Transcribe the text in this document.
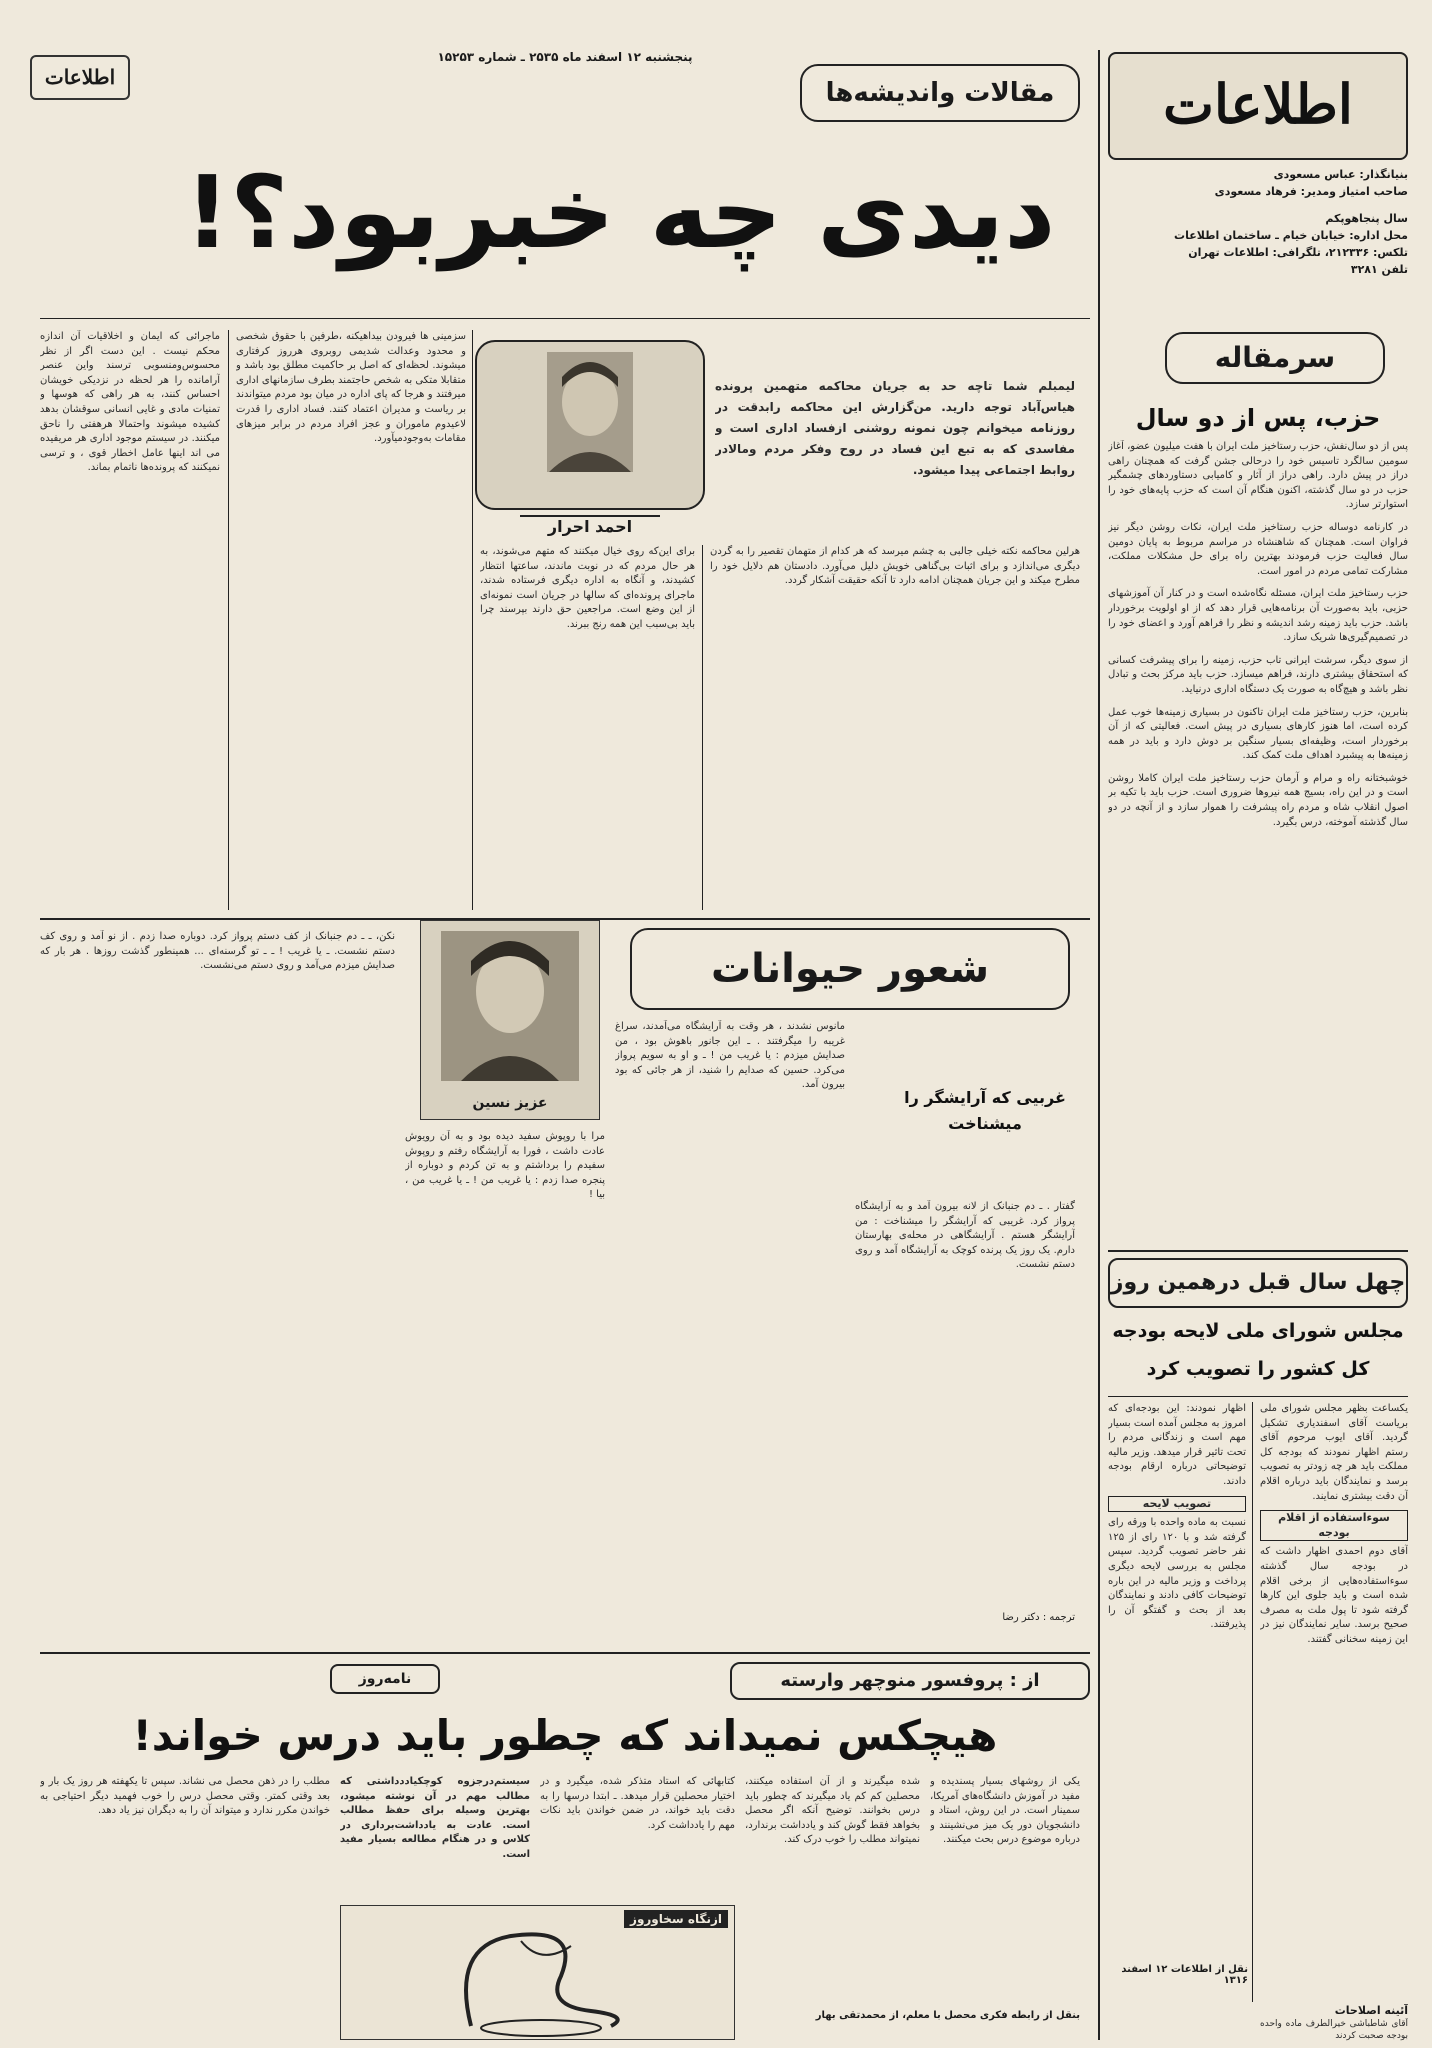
پنجشنبه ۱۲ اسفند ماه ۲۵۳۵ ـ شماره ۱۵۲۵۳
اطلاعات	اطلاعات
بنیانگذار: عباس مسعودی
صاحب امتیاز ومدیر: فرهاد مسعودی
سال پنجاهوپکم
محل اداره: خیابان خیام ـ ساختمان اطلاعات
تلکس: ۲۱۲۳۳۶، تلگرافی: اطلاعات تهران
تلفن ۳۲۸۱
مقالات واندیشه‌ها
دیدی چه خبربود؟!
لیمبلم شما تاچه حد به جریان محاکمه متهمین پرونده هیاس‌آباد توجه دارید. من‌گزارش این محاکمه رابدقت در روزنامه میخوانم چون نمونه روشنی ازفساد اداری است و مفاسدی که به تبع این فساد در روح وفکر مردم ومالادر روابط اجتماعی پیدا میشود.
احمد احرار
ماجرائی که ایمان و اخلاقیات آن اندازه محکم نیست . این دست اگر از نظر محسوس‌ومنسوبی ترسند واین عنصر آرامانده را هر لحظه در نزدیکی خویشان احساس کنند، به هر راهی که هوسها و تمنیات مادی و غایی انسانی سوقشان بدهد کشیده میشوند واحتمالا هرهفتی را ناحق میکنند. در سیستم موجود اداری هر مریفیده می‌ اند اینها عامل اخطار قوی ، و ترسی نمیکنند که پرونده‌ها ناتمام بماند.
سزمینی ها فیرودن بیداهیکنه ،طرفین با حقوق شخصی و محدود وعدالت شدیمی روبروی هرروز کرفتاری میشوند. لحظه‌ای که اصل بر حاکمیت مطلق ‌بود باشد و متقابلا متکی به شخص حاجتمند بطرف سازمانهای اداری میرفتند و هرجا که پای اداره در میان بود مردم میتواندند بر ریاست و مدیران اعتماد کنند. فساد اداری را قدرت لاعیدوم ماموران و عجز افراد مردم در برابر میزهای مقامات به‌وجودمیآورد.
برای این‌که روی خیال میکنند که متهم می‌شوند، به هر حال مردم که در نوبت ماندند، ساعتها انتظار کشیدند، و آنگاه به اداره دیگری فرستاده شدند، ماجرای پرونده‌ای که سالها در جریان است نمونه‌ای از این وضع است. مراجعین حق دارند بپرسند چرا باید بی‌سبب این همه رنج ببرند.
هرلین محاکمه نکته خیلی جالبی به چشم میرسد که هر کدام از متهمان تقصیر را به گردن دیگری می‌اندازد و برای اثبات بی‌گناهی خویش دلیل می‌آورد. دادستان هم دلایل خود را مطرح میکند و این جریان همچنان ادامه دارد تا آنکه حقیقت آشکار گردد.
شعور حیوانات
عزیز نسین	غربیی که آرایشگر را میشناخت
گفتار . ـ دم جنبانک از لانه بیرون آمد و به آرایشگاه پرواز کرد. غریبی که آرایشگر را میشناخت : من آرایشگر هستم . آرایشگاهی در محله‌ی بهارستان دارم. یک روز یک پرنده کوچک به آرایشگاه آمد و روی دستم نشست.
مانوس نشدند ، هر وقت به آرایشگاه می‌آمدند، سراغ غریبه را میگرفتند . ـ این جانور باهوش بود ، من صدایش میزدم : یا غریب من ! ـ و او به سویم پرواز می‌کرد. حسین که صدایم را شنید، از هر جائی که بود بیرون آمد.
مرا با روپوش سفید دیده بود و به آن رویوش عادت داشت ، فورا به آرایشگاه رفتم و روپوش سفیدم را برداشتم و به تن کردم و دوباره از پنجره صدا زدم : یا غریب من ! ـ یا غریب من ، بیا !
نکن، ـ ـ دم جنبانک از کف دستم پرواز کرد. دوباره صدا زدم . از نو آمد و روی کف دستم نشست. ـ یا غریب ! ـ ـ تو گرسنه‌ای ... همینطور گذشت روزها . هر بار که صدایش میزدم می‌آمد و روی دستم می‌نشست.
ترجمه : دکتر رضا
از : پروفسور منوچهر وارسته
نامه‌روز
هیچکس نمیداند که چطور باید درس خواند!
یکی از روشهای بسیار پسندیده و مفید در آموزش دانشگاه‌های آمریکا، سمینار است. در این روش، استاد و دانشجویان دور یک میز می‌نشینند و درباره موضوع درس بحث میکنند.
شده میگیرند و از آن استفاده میکنند، محصلین کم کم یاد میگیرند که چطور باید درس بخوانند. توضیح آنکه اگر محصل بخواهد فقط گوش کند و یادداشت برندارد، نمیتواند مطلب را خوب درک کند.
کتابهائی که استاد متذکر شده، میگیرد و در اختیار محصلین قرار میدهد. ـ ابتدا درسها را به دقت باید خواند، در ضمن خواندن باید نکات مهم را یادداشت کرد.
سیستم‌درجزوه کوچکیاددداشتی که مطالب مهم در آن نوشته میشود، بهترین وسیله برای حفظ مطالب است. عادت به یادداشت‌برداری در کلاس و در هنگام مطالعه بسیار مفید است.
مطلب را در ذهن محصل می نشاند. سپس تا یکهفته هر روز یک بار و بعد وقتی کمتر. وقتی محصل درس را خوب فهمید دیگر احتیاجی به خواندن مکرر ندارد و میتواند آن را به دیگران نیز یاد دهد.
ازنگاه سخاوروز
بنقل از رابطه فکری محصل با معلم، از محمدتقی بهار
سرمقاله
حزب، پس از دو سال

پس از دو سال‌نفش، حزب رستاخیز ملت ایران با هفت میلیون عضو، آغاز سومین سالگرد تاسیس خود را درحالی جشن گرفت که همچنان راهی دراز در پیش دارد. راهی دراز از آثار و کامیابی دستاوردهای چشمگیر حزب در دو سال گذشته، اکنون هنگام آن است که حزب پایه‌های خود را استوارتر سازد.

در کارنامه دوساله حزب رستاخیز ملت ایران، نکات روشن دیگر نیز فراوان است. همچنان که شاهنشاه در مراسم مربوط به پایان دومین سال فعالیت حزب فرمودند بهترین راه برای حل مشکلات مملکت، مشارکت تمامی مردم در امور است.

حزب رستاخیز ملت ایران، مسئله نگاه‌شده است و در کنار آن آموزشهای حزبی، باید به‌صورت آن برنامه‌هایی قرار دهد که از او اولویت برخوردار باشد. حزب باید زمینه رشد اندیشه و نظر را فراهم آورد و اعضای خود را در تصمیم‌گیری‌ها شریک سازد.

از سوی دیگر، سرشت ایرانی تاب حزب، زمینه را برای پیشرفت کسانی که استحقاق بیشتری دارند، فراهم میسازد. حزب باید مرکز بحث و تبادل نظر باشد و هیچ‌گاه به صورت یک دستگاه اداری درنیاید.

بنابرین، حزب رستاخیز ملت ایران تاکنون در بسیاری زمینه‌ها خوب عمل کرده است، اما هنوز کارهای بسیاری در پیش است. فعالیتی که از آن برخوردار است، وظیفه‌ای بسیار سنگین بر دوش دارد و باید در همه زمینه‌ها به پیشبرد اهداف ملت کمک کند.

خوشبختانه راه و مرام و آرمان حزب رستاخیز ملت ایران کاملا روشن است و در این راه، بسیج همه نیروها ضروری است. حزب باید با تکیه بر اصول انقلاب شاه و مردم راه پیشرفت را هموار سازد و از آنچه در دو سال گذشته آموخته، درس بگیرد.

چهل سال قبل درهمین روز
مجلس شورای ملی لایحه بودجه کل کشور را تصویب کرد

یکساعت بظهر مجلس شورای ملی بریاست آقای اسفندیاری تشکیل گردید. آقای ایوب مرحوم آقای رستم اظهار نمودند که بودجه کل مملکت باید هر چه زودتر به تصویب برسد و نمایندگان باید درباره اقلام آن دقت بیشتری نمایند.

سوءاستفاده از اقلام بودجه

آقای دوم احمدی اظهار داشت که در بودجه سال گذشته سوءاستفاده‌هایی از برخی اقلام شده است و باید جلوی این کارها گرفته شود تا پول ملت به مصرف صحیح برسد. سایر نمایندگان نیز در این زمینه سخنانی گفتند.

اظهار نمودند: این بودجه‌ای که امروز به مجلس آمده است بسیار مهم است و زندگانی مردم را تحت تاثیر قرار میدهد. وزیر مالیه توضیحاتی درباره ارقام بودجه دادند.

تصویب لایحه

نسبت به ماده واحده با ورقه رای گرفته شد و با ۱۲۰ رای از ۱۲۵ نفر حاضر تصویب گردید. سپس مجلس به بررسی لایحه دیگری پرداخت و وزیر مالیه در این باره توضیحات کافی دادند و نمایندگان بعد از بحث و گفتگو آن را پذیرفتند.

نقل از اطلاعات ۱۲ اسفند ۱۳۱۶
آئینه اصلاحات
آقای شاطباشی خیرالطرف ماده واحده بودجه صحبت کردند
